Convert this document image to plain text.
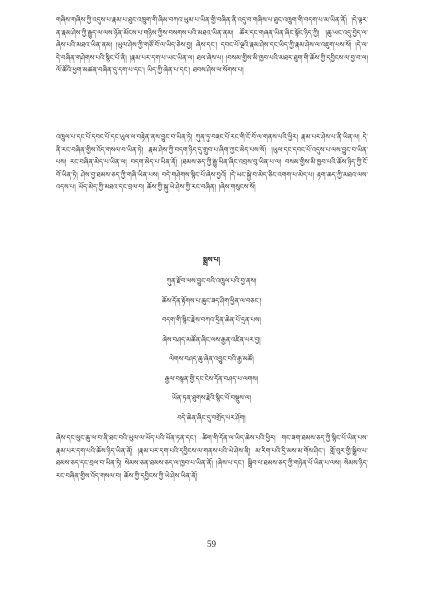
གཞིས་གཞིས་ཀྱི་འདུས་པ་རྣམ་པ་ཐུང་འཁྲུག་གི་ཞིམ་བཀའ་ཡུམ་པ་ཡིན་གྱི་བཞིན་ནི་འདུ་བ་གཞིས་པ་ཐུང་འཁྲུག་གི་བདག་པ་མ་ཡིན་ནོ། །དེ་ལྟར་ན་རྣམ་ཤེས་ཀྱི་རྒྱུད་ལ་ལས་ཉོན་མོངས་པ་གཉིས་ཀྱིས་བསགས་པའི་མཐའ་ཡིན་ནམ། ཚོར་དང་གཞན་ཡིན་ཞིང་སྟོང་ཉིད་ཀྱི། །ཆུ་ཡང་འདུ་བྱེད་ལ་ཞེས་པའི་མཐའ་ཡིན་ནམ། །ཡུལ་ཤེས་ཀྱི་གཙོ་བོ་ལ་ཡིད་ཅེས་བྱ། ཞེས་དང་། དབང་པོ་ལྔའི་རྣམ་ཤེས་དང་ཡིད་ཀྱི་རྣམ་ཤེས་ལ་འཇུག་པས་སོ། །དེ་ལ་དེ་བཞིན་གཤེགས་པའི་སྙིང་པོ་ནི། །རྣམ་པར་དག་པ་ཡང་ཡིན་ལ། ཐལ་ཞེས་པ། །བསམ་གྱིས་མི་ཁྱབ་པའི་མཐར་ཐུག་གི་ཆོས་ཀྱི་དབྱིངས་ལ་བྱ་བ་ལ། ལོ་ཚོའི་ཕྱག་མཚན་བཞིན་དུ་དག་པ་དང་། ཡིད་ཀྱི་ཞེན་པ་དང་། ཐབས་ཤེས་ལ་སོགས་པ།
འཁྲུལ་པ་དང་པོ་དབང་པོ་དང་ཡུལ་ལ་བརྟེན་ནས་བྱུང་བ་ཡིན་ཏེ། ཀུན་ཏུ་བཟང་པོ་རང་གི་ངོ་བོ་ལ་གནས་པའི་ཕྱིར། རྣམ་པར་ཤེས་པ་ནི་ཡིན་ལ། དེ་ནི་རང་བཞིན་གྱིས་འོད་གསལ་བ་ཡིན་ཏེ། རྣམ་ཤེས་ཀྱི་བདག་ཉིད་དུ་གྲུབ་པ་ཞིག་ཀྱང་མེད་པས་སོ། །ཡུལ་དང་དབང་པོ་འདུས་པ་ལས་བྱུང་བ་ཡིན་པས། རང་བཞིན་མེད་པ་ཡིན་ལ། བདག་མེད་པ་ཡིན་ནོ། །ཐམས་ཅད་ཀྱི་རྒྱུ་ཡིན་ཞིང་འབྲས་བུ་ཡིན་པ་ལ། བསམ་གྱིས་མི་ཁྱབ་པའི་ཆོས་ཉིད་ཀྱི་ངོ་བོ་ཡིན་ཏེ། ཤེས་བྱ་ཐམས་ཅད་ཀྱི་གཞི་ཡིན་པས། བདེ་གཤེགས་སྙིང་པོ་ཞེས་བྱའོ། །དེ་ཡང་སྐྱེ་བ་མེད་ཅིང་འགག་པ་མེད་པ། རྟག་ཆད་ཀྱི་མཐའ་ལས་འདས་པ། ཡོད་མེད་ཀྱི་མཐའ་དང་བྲལ་བ། ཆོས་ཀྱི་སྐུ་ཡེ་ཤེས་ཀྱི་རང་བཞིན། །ཞེས་གསུངས་སོ།
སྨྲས་པ།
ཀུན་རྫོབ་ལས་བྱུང་བའི་འཁྲུལ་པའི་བྱ་ནས།
ཆོས་དོན་རྟོགས་པ་ཆུང་ཟད་ཤིག་ཕྱིན་ལ་བཅང་།
བདག་གི་སྙིང་རྗེས་བཀའ་དྲིན་ཆེན་པོ་དྲན་པས།
ཞེས་བཤད་མཚོན་ཞིང་ལས་རྒྱན་འཛིན་པར་བྱ།
ལེགས་བཤད་ཆུ་ཞེན་འབྱུང་བའི་རྒྱ་མཚོ།
རྒྱལ་བསྟན་གྱི་དང་ངེས་དོན་བཤད་པ་ལགས།
ཡོན་ཏན་ཐུགས་རྗེའི་སྙིང་པོ་བསྡུས་ལ།
བདེ་ཆེན་ཞིང་དུ་བགྲོད་པར་ཤོག།
ཞེས་དང་ལུང་ཆུ་ལ་བ་ནི་ཐང་བའི་ཡུལ་ལ་ཡོད་པའི་ཡོན་ཏན་དང་། ཚིག་གི་དོན་ལ་ཡིད་ཆེས་པའི་ཕྱིར། གང་ཟག་ཐམས་ཅད་ཀྱི་སྙིང་པོ་ཡིན་པས་རྣམ་པར་དག་པའི་ཆོས་ཉིད་ཡིན་ནོ། །རྣམ་པར་དག་པའི་དབྱིངས་ལ་གནས་པའི་ཡེ་ཤེས་ནི། མ་རིག་པའི་དྲི་མས་མ་གོས་ཤིང་། གློ་བུར་གྱི་སྒྲིབ་པ་ཐམས་ཅད་དང་བྲལ་བ་ཡིན་ཏེ། སེམས་ཅན་ཐམས་ཅད་ལ་ཁྱབ་པ་ཡིན་ནོ། །ཞེས་པ་དང་། སྒྲིབ་པ་ཐམས་ཅད་ཀྱི་གཉེན་པོ་ཡིན་པ་ལས། སེམས་ཉིད་རང་བཞིན་གྱིས་འོད་གསལ་བ། ཆོས་ཀྱི་དབྱིངས་ཀྱི་ཡེ་ཤེས་ཡིན་ནོ།
59
